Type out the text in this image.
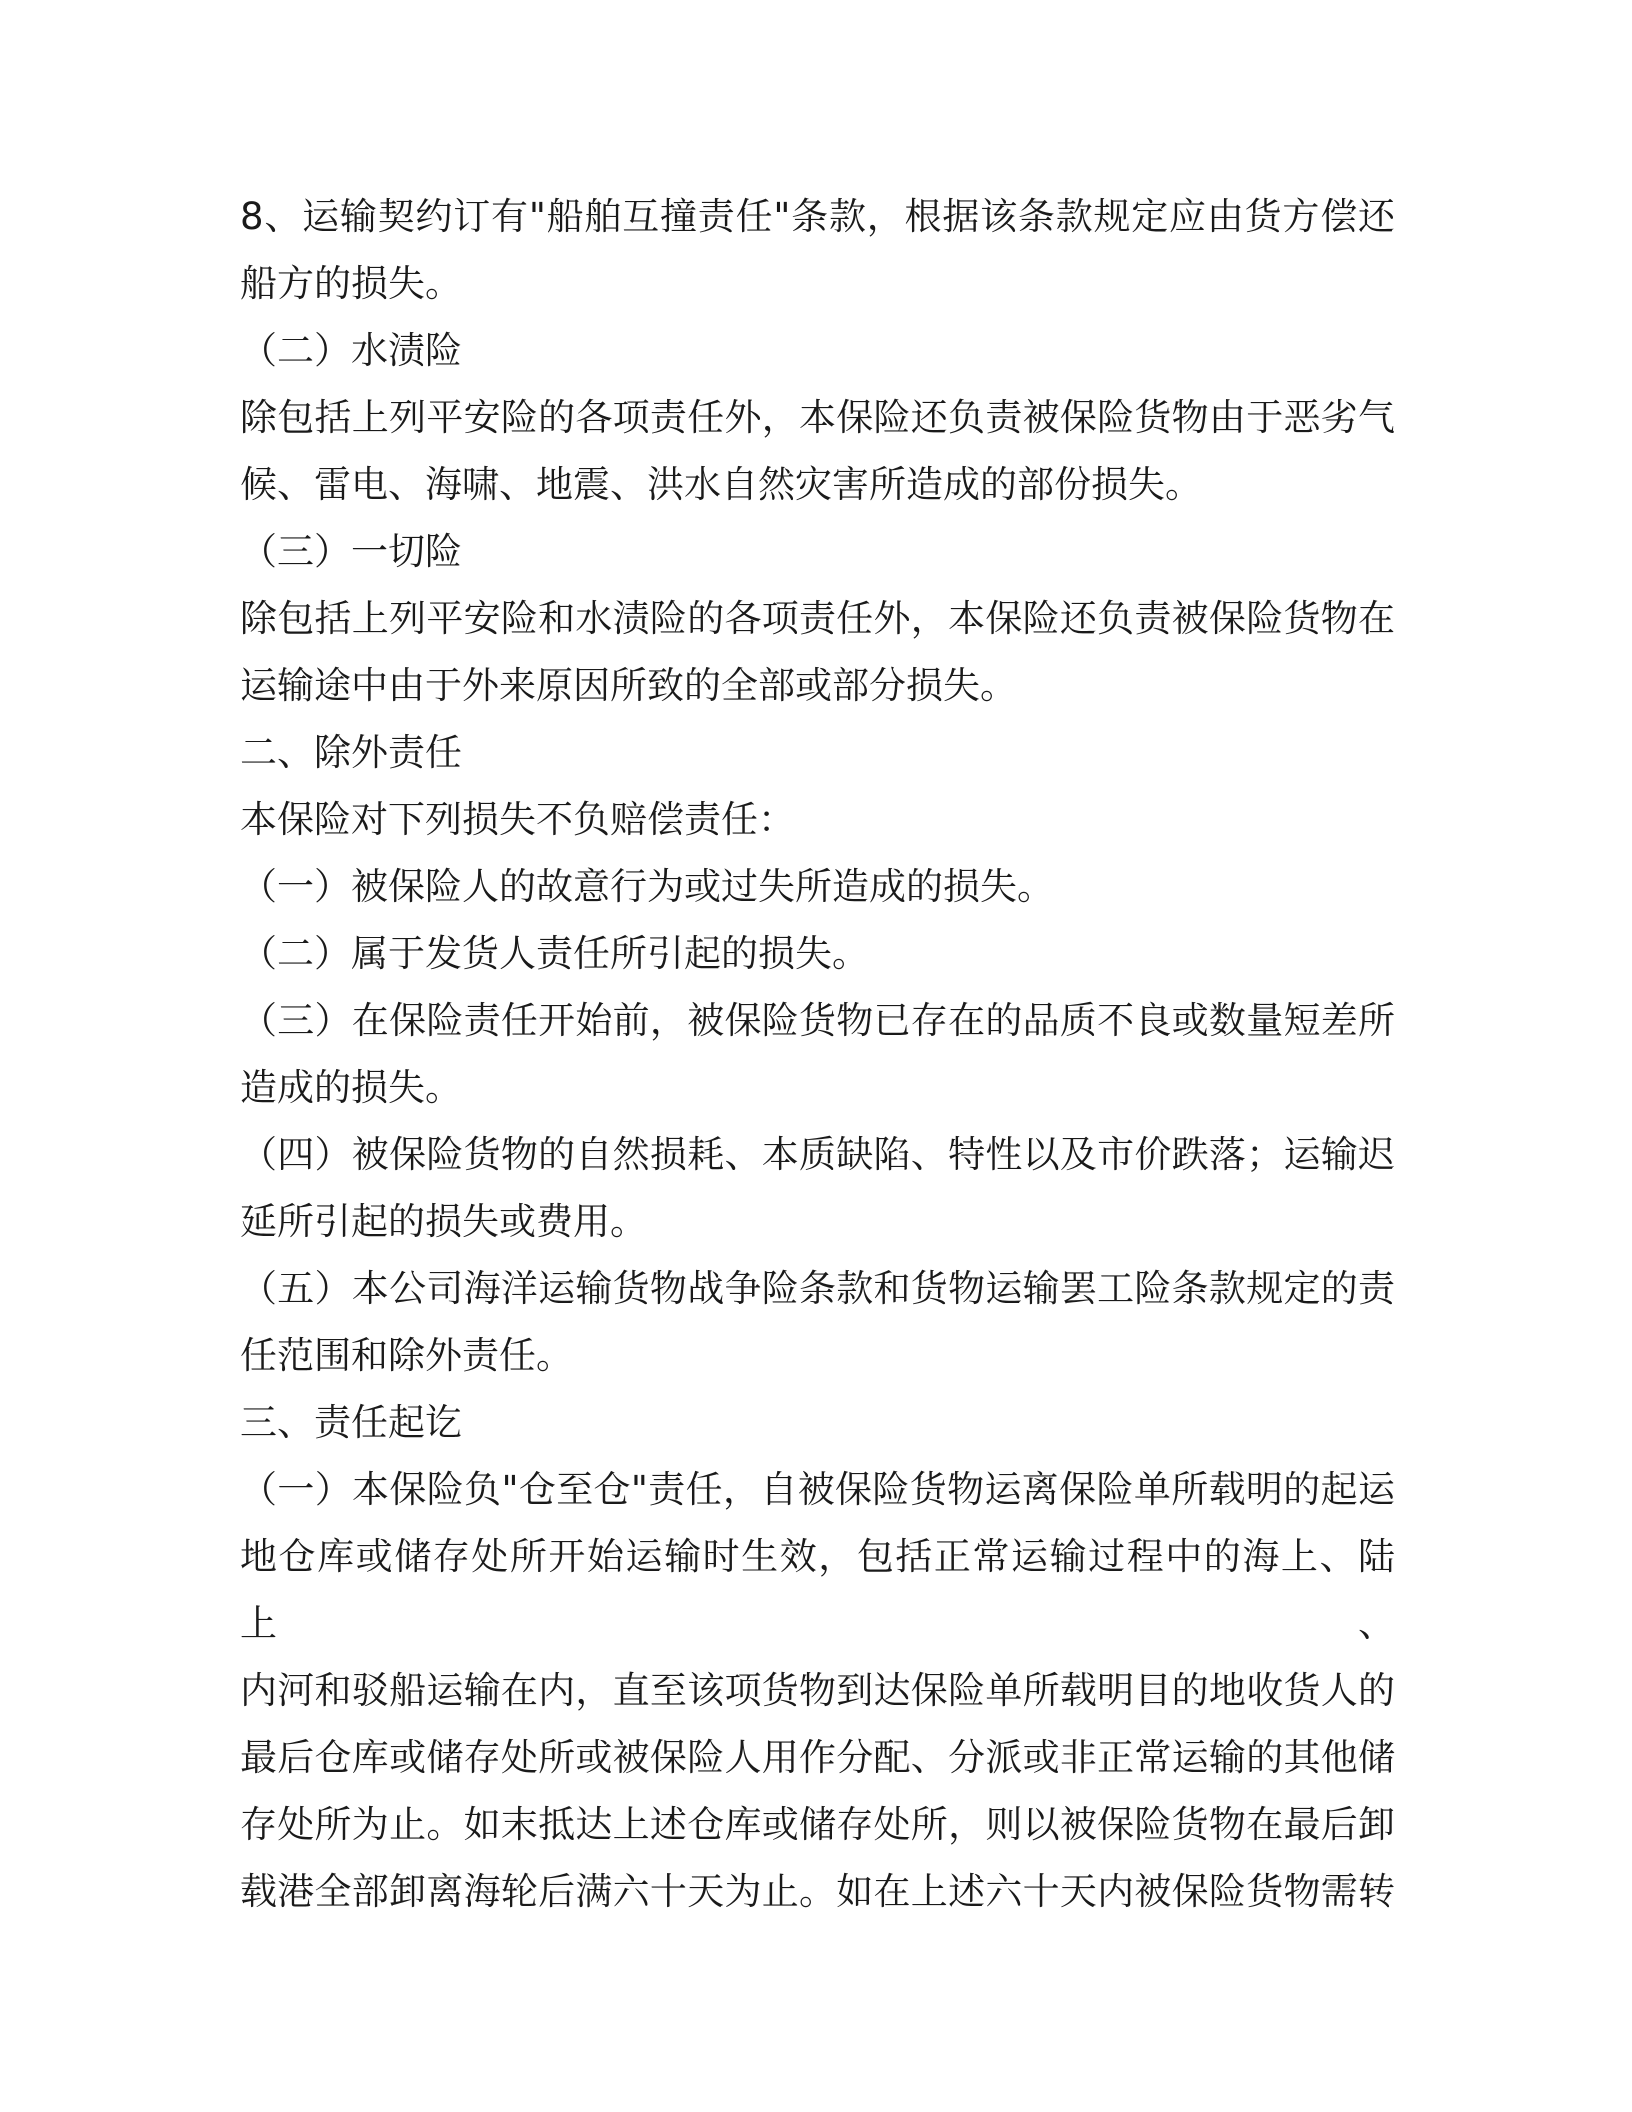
8、运输契约订有"船舶互撞责任"条款，根据该条款规定应由货方偿还
船方的损失。

（二）水渍险

除包括上列平安险的各项责任外，本保险还负责被保险货物由于恶劣气
候、雷电、海啸、地震、洪水自然灾害所造成的部份损失。

（三）一切险

除包括上列平安险和水渍险的各项责任外，本保险还负责被保险货物在
运输途中由于外来原因所致的全部或部分损失。

二、除外责任

本保险对下列损失不负赔偿责任：

（一）被保险人的故意行为或过失所造成的损失。

（二）属于发货人责任所引起的损失。

（三）在保险责任开始前，被保险货物已存在的品质不良或数量短差所
造成的损失。

（四）被保险货物的自然损耗、本质缺陷、特性以及市价跌落；运输迟
延所引起的损失或费用。

（五）本公司海洋运输货物战争险条款和货物运输罢工险条款规定的责
任范围和除外责任。

三、责任起讫

（一）本保险负"仓至仓"责任，自被保险货物运离保险单所载明的起运
地仓库或储存处所开始运输时生效，包括正常运输过程中的海上、陆上、
内河和驳船运输在内，直至该项货物到达保险单所载明目的地收货人的
最后仓库或储存处所或被保险人用作分配、分派或非正常运输的其他储
存处所为止。如末抵达上述仓库或储存处所，则以被保险货物在最后卸
载港全部卸离海轮后满六十天为止。如在上述六十天内被保险货物需转
